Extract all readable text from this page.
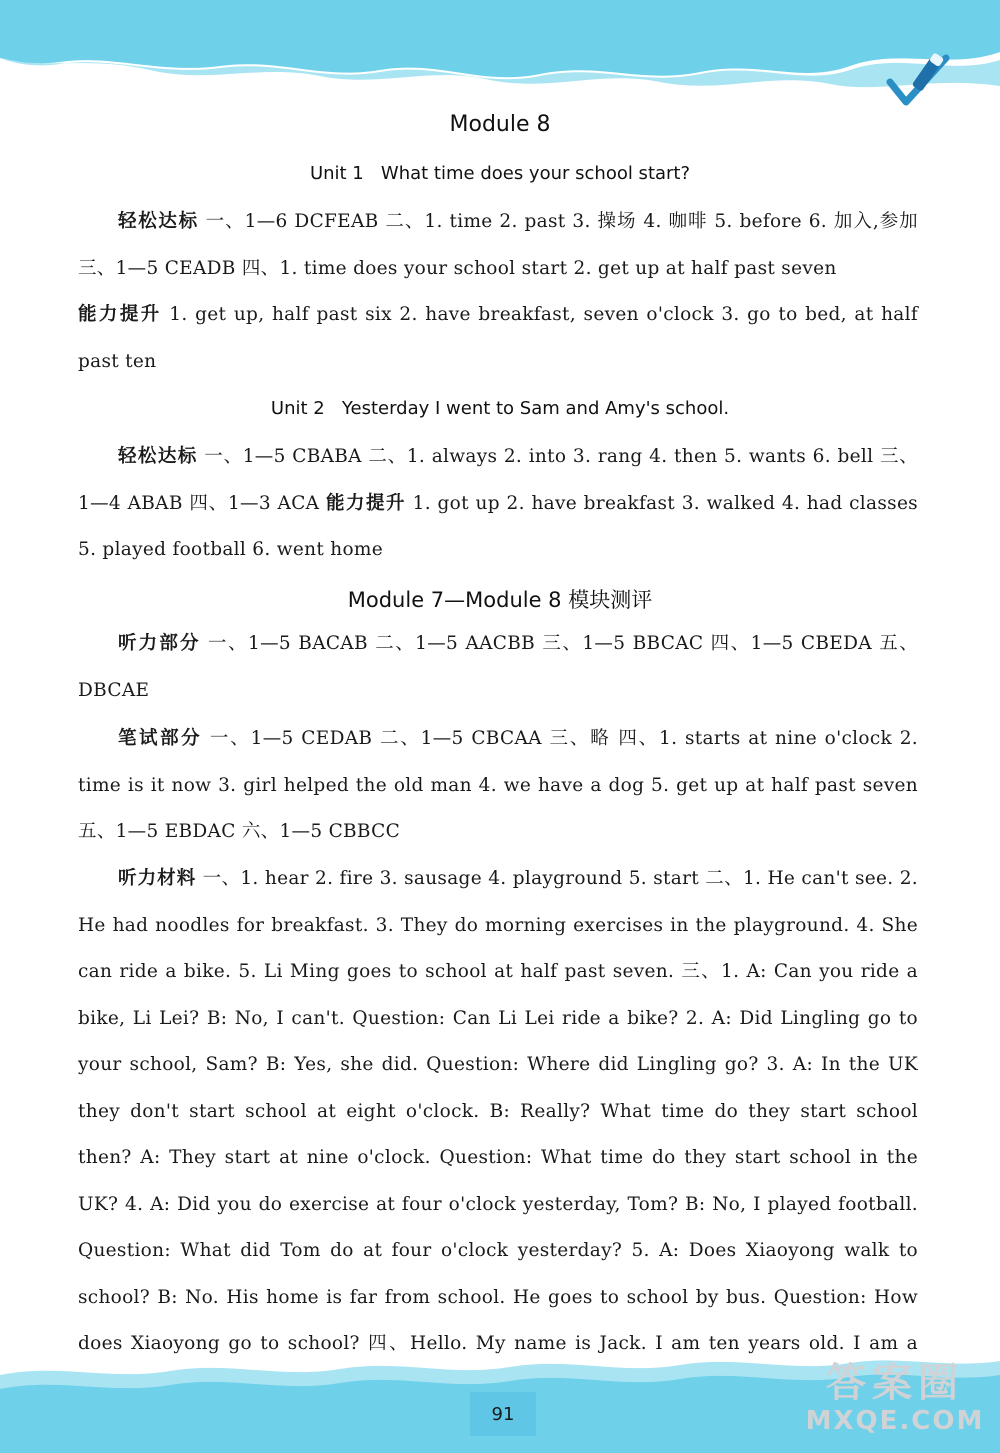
Module 8
Unit 1   What time does your school start?

轻松达标 一、1—6 DCFEAB 二、1. time 2. past 3. 操场 4. 咖啡 5. before 6. 加入,参加 三、1—5 CEADB 四、1. time does your school start 2. get up at half past seven

能力提升 1. get up, half past six 2. have breakfast, seven o'clock 3. go to bed, at half past ten

Unit 2   Yesterday I went to Sam and Amy's school.

轻松达标 一、1—5 CBABA 二、1. always 2. into 3. rang 4. then 5. wants 6. bell 三、1—4 ABAB 四、1—3 ACA 能力提升 1. got up 2. have breakfast 3. walked 4. had classes 5. played football 6. went home

Module 7—Module 8 模块测评

听力部分 一、1—5 BACAB 二、1—5 AACBB 三、1—5 BBCAC 四、1—5 CBEDA 五、DBCAE

笔试部分 一、1—5 CEDAB 二、1—5 CBCAA 三、略 四、1. starts at nine o'clock 2. time is it now 3. girl helped the old man 4. we have a dog 5. get up at half past seven 五、1—5 EBDAC 六、1—5 CBBCC

听力材料 一、1. hear 2. fire 3. sausage 4. playground 5. start 二、1. He can't see. 2. He had noodles for breakfast. 3. They do morning exercises in the playground. 4. She can ride a bike. 5. Li Ming goes to school at half past seven. 三、1. A: Can you ride a bike, Li Lei? B: No, I can't. Question: Can Li Lei ride a bike? 2. A: Did Lingling go to your school, Sam? B: Yes, she did. Question: Where did Lingling go? 3. A: In the UK they don't start school at eight o'clock. B: Really? What time do they start school then? A: They start at nine o'clock. Question: What time do they start school in the UK? 4. A: Did you do exercise at four o'clock yesterday, Tom? B: No, I played football. Question: What did Tom do at four o'clock yesterday? 5. A: Does Xiaoyong walk to school? B: No. His home is far from school. He goes to school by bus. Question: How does Xiaoyong go to school? 四、Hello. My name is Jack. I am ten years old. I am a

91
答案圈
MXQE.COM
